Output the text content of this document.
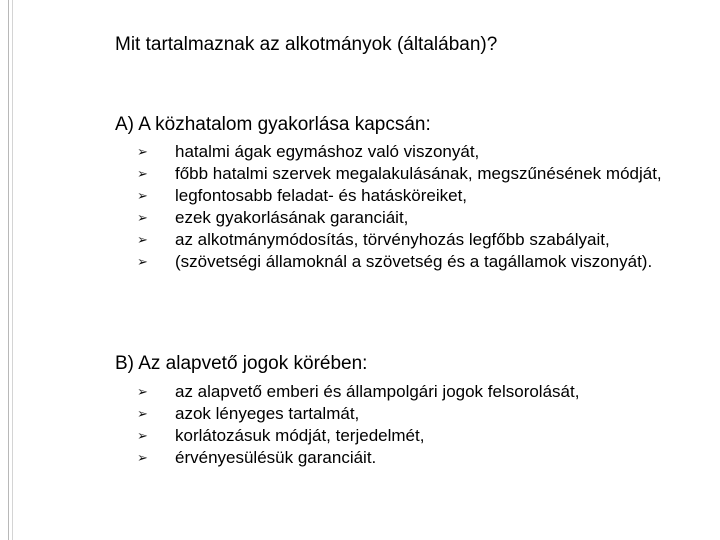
Mit tartalmaznak az alkotmányok (általában)?
A) A közhatalom gyakorlása kapcsán:
➢	hatalmi ágak egymáshoz való viszonyát,
➢	főbb hatalmi szervek megalakulásának, megszűnésének módját,
➢	legfontosabb feladat- és hatásköreiket,
➢	ezek gyakorlásának garanciáit,
➢	az alkotmánymódosítás, törvényhozás legfőbb szabályait,
➢	(szövetségi államoknál a szövetség és a tagállamok viszonyát).
B) Az alapvető jogok körében:
➢	az alapvető emberi és állampolgári jogok felsorolását,
➢	azok lényeges tartalmát,
➢	korlátozásuk módját, terjedelmét,
➢	érvényesülésük garanciáit.
